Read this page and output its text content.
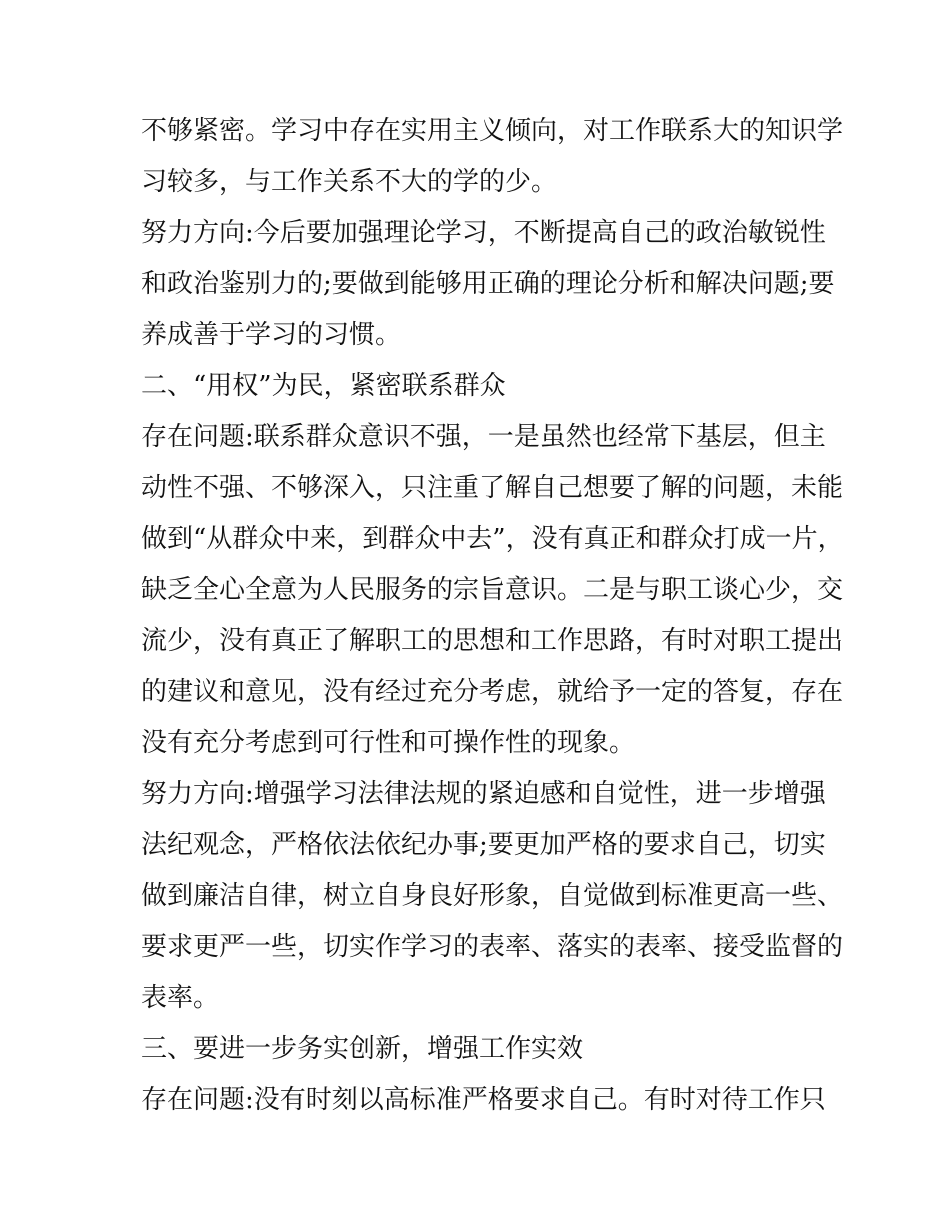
不够紧密。学习中存在实用主义倾向，对工作联系大的知识学
习较多，与工作关系不大的学的少。

努力方向:今后要加强理论学习，不断提高自己的政治敏锐性
和政治鉴别力的;要做到能够用正确的理论分析和解决问题;要
养成善于学习的习惯。

二、“用权”为民，紧密联系群众

存在问题:联系群众意识不强，一是虽然也经常下基层，但主
动性不强、不够深入，只注重了解自己想要了解的问题，未能
做到“从群众中来，到群众中去”，没有真正和群众打成一片，
缺乏全心全意为人民服务的宗旨意识。二是与职工谈心少，交
流少，没有真正了解职工的思想和工作思路，有时对职工提出
的建议和意见，没有经过充分考虑，就给予一定的答复，存在
没有充分考虑到可行性和可操作性的现象。

努力方向:增强学习法律法规的紧迫感和自觉性，进一步增强
法纪观念，严格依法依纪办事;要更加严格的要求自己，切实
做到廉洁自律，树立自身良好形象，自觉做到标准更高一些、
要求更严一些，切实作学习的表率、落实的表率、接受监督的
表率。

三、要进一步务实创新，增强工作实效

存在问题:没有时刻以高标准严格要求自己。有时对待工作只
